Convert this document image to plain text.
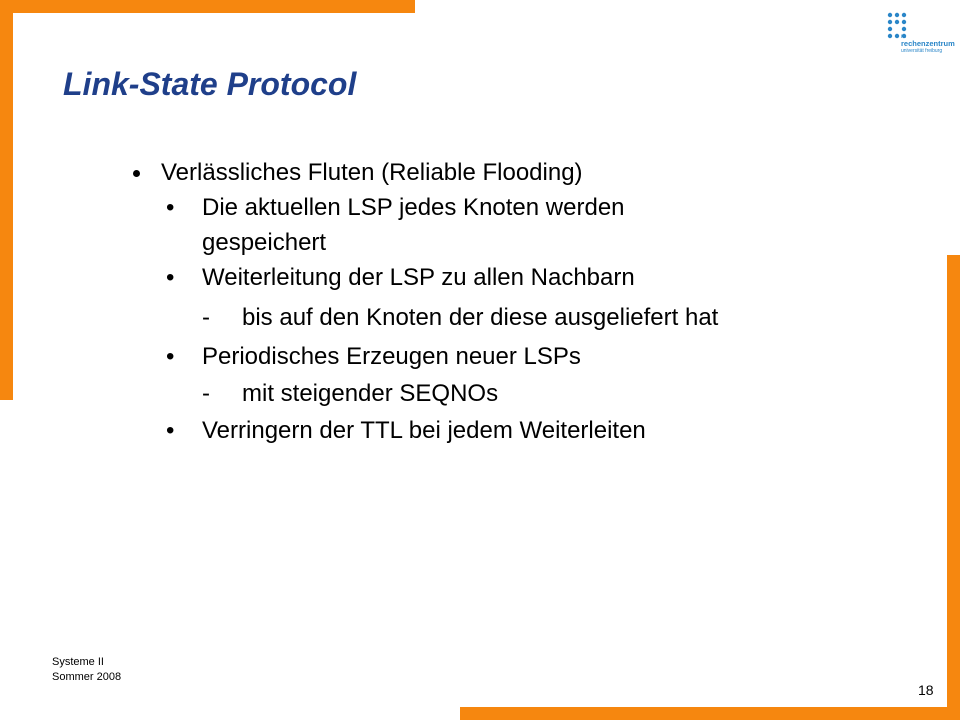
rz
rechenzentrum
universität freiburg
Link-State Protocol
Verlässliches Fluten (Reliable Flooding)
• Die aktuellen LSP jedes Knoten werden
gespeichert
• Weiterleitung der LSP zu allen Nachbarn
- bis auf den Knoten der diese ausgeliefert hat
• Periodisches Erzeugen neuer LSPs
- mit steigender SEQNOs
• Verringern der TTL bei jedem Weiterleiten
Systeme II
Sommer 2008
18
